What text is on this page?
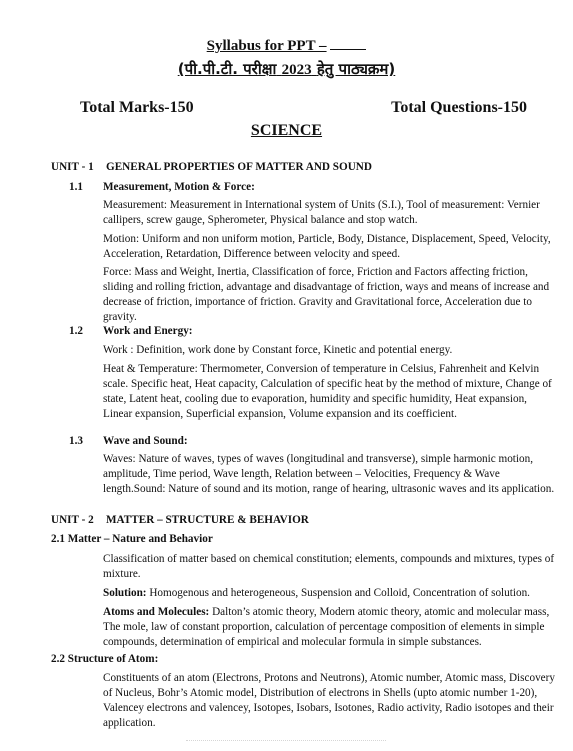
Syllabus for PPT –
(पी.पी.टी. परीक्षा 2023 हेतु पाठ्यक्रम)
Total Marks-150	Total Questions-150
SCIENCE
UNIT - 1 GENERAL PROPERTIES OF MATTER AND SOUND
1.1 Measurement, Motion & Force:
Measurement: Measurement in International system of Units (S.I.), Tool of measurement: Vernier callipers, screw gauge, Spherometer, Physical balance and stop watch.
Motion: Uniform and non uniform motion, Particle, Body, Distance, Displacement, Speed, Velocity, Acceleration, Retardation, Difference between velocity and speed.
Force: Mass and Weight, Inertia, Classification of force, Friction and Factors affecting friction, sliding and rolling friction, advantage and disadvantage of friction, ways and means of increase and decrease of friction, importance of friction. Gravity and Gravitational force, Acceleration due to gravity.
1.2 Work and Energy:
Work : Definition, work done by Constant force, Kinetic and potential energy.
Heat & Temperature: Thermometer, Conversion of temperature in Celsius, Fahrenheit and Kelvin scale. Specific heat, Heat capacity, Calculation of specific heat by the method of mixture, Change of state, Latent heat, cooling due to evaporation, humidity and specific humidity, Heat expansion, Linear expansion, Superficial expansion, Volume expansion and its coefficient.
1.3 Wave and Sound:
Waves: Nature of waves, types of waves (longitudinal and transverse), simple harmonic motion, amplitude, Time period, Wave length, Relation between – Velocities, Frequency & Wave length.Sound: Nature of sound and its motion, range of hearing, ultrasonic waves and its application.
UNIT - 2 MATTER – STRUCTURE & BEHAVIOR
2.1 Matter – Nature and Behavior
Classification of matter based on chemical constitution; elements, compounds and mixtures, types of mixture.
Solution: Homogenous and heterogeneous, Suspension and Colloid, Concentration of solution.
Atoms and Molecules: Dalton’s atomic theory, Modern atomic theory, atomic and molecular mass, The mole, law of constant proportion, calculation of percentage composition of elements in simple compounds, determination of empirical and molecular formula in simple substances.
2.2 Structure of Atom:
Constituents of an atom (Electrons, Protons and Neutrons), Atomic number, Atomic mass, Discovery of Nucleus, Bohr’s Atomic model, Distribution of electrons in Shells (upto atomic number 1-20), Valencey electrons and valencey, Isotopes, Isobars, Isotones, Radio activity, Radio isotopes and their application.
